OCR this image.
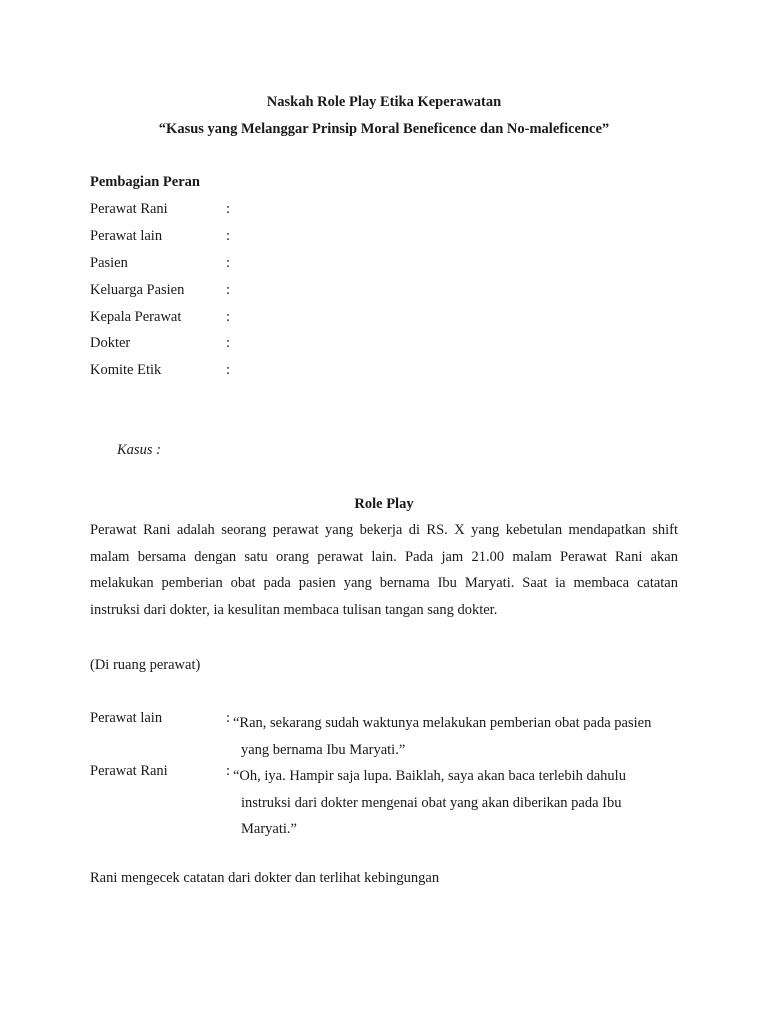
Naskah Role Play Etika Keperawatan
“Kasus yang Melanggar Prinsip Moral Beneficence dan No-maleficence”
Pembagian Peran
Perawat Rani	:
Perawat lain	:
Pasien	:
Keluarga Pasien	:
Kepala Perawat	:
Dokter	:
Komite Etik	:
Kasus :
Role Play
Perawat Rani adalah seorang perawat yang bekerja di RS. X yang kebetulan mendapatkan shift
malam bersama dengan satu orang perawat lain. Pada jam 21.00 malam Perawat Rani akan
melakukan pemberian obat pada pasien yang bernama Ibu Maryati. Saat ia membaca catatan
instruksi dari dokter, ia kesulitan membaca tulisan tangan sang dokter.
(Di ruang perawat)
Perawat lain	: “Ran, sekarang sudah waktunya melakukan pemberian obat pada pasien
yang bernama Ibu Maryati.”
Perawat Rani	: “Oh, iya. Hampir saja lupa. Baiklah, saya akan baca terlebih dahulu
instruksi dari dokter mengenai obat yang akan diberikan pada Ibu
Maryati.”
Rani mengecek catatan dari dokter dan terlihat kebingungan
